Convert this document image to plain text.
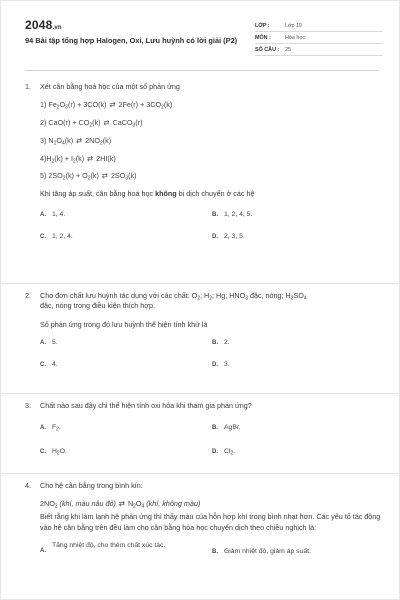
2048.vn
94 Bài tập tổng hợp Halogen, Oxi, Lưu huỳnh có lời giải (P2)
LỚP :	Lớp 10
MÔN :	Hóa học
SỐ CÂU :	25
1.	Xét cân bằng hoá học của một số phản ứng
1) $Fe_2O_3(r) + 3CO(k)$ ⇄ $2Fe(r) + 3CO_2(k)$
2) $CaO(r) + CO_2(k)$ ⇄ CaCO$_3$(r)
3) $N_2O_4(k)$ ⇄ $2NO_2(k)$
$4)H_2(k) + I_2(k)$ ⇄ 2HI(k)
5) $2SO_2(k) + O_2(k)$ ⇄ $2SO_3(k)$
Khi tăng áp suất, cân bằng hoá học không bị dịch chuyển ở các hệ
A. 1, 4.	B. 1, 2, 4, 5.
C. 1, 2, 4.	D. 2, 3, 5.
2.	Cho đơn chất lưu huỳnh tác dụng với các chất: $O_2$; $H_2$; Hg; $HNO_3$ đặc, nóng; $H_2SO_4$
đặc, nóng trong điều kiện thích hợp.
Số phản ứng trong đó lưu huỳnh thể hiện tính khử là
A. 5.	B. 2.
C. 4.	D. 3.
3.	Chất nào sau đây chỉ thể hiện tính oxi hóa khi tham gia phản ứng?
A. $F_2$.	B. AgBr.
C. $H_2O$.	D. $Cl_2$.
4.	Cho hệ cân bằng trong bình kín:
$2NO_2$ (khí, màu nâu đỏ) ⇄ $N_2O_4$ (khí, không màu)
Biết rằng khi làm lạnh hệ phản ứng thì thấy màu của hỗn hợp khí trong bình nhạt hơn. Các yếu tố tác động vào hệ cân bằng trên đều làm cho cân bằng hóa học chuyển dịch theo chiều nghịch là:
A.
Tăng nhiệt độ, cho thêm chất xúc tác.
B. Giảm nhiệt độ, giảm áp suất.
